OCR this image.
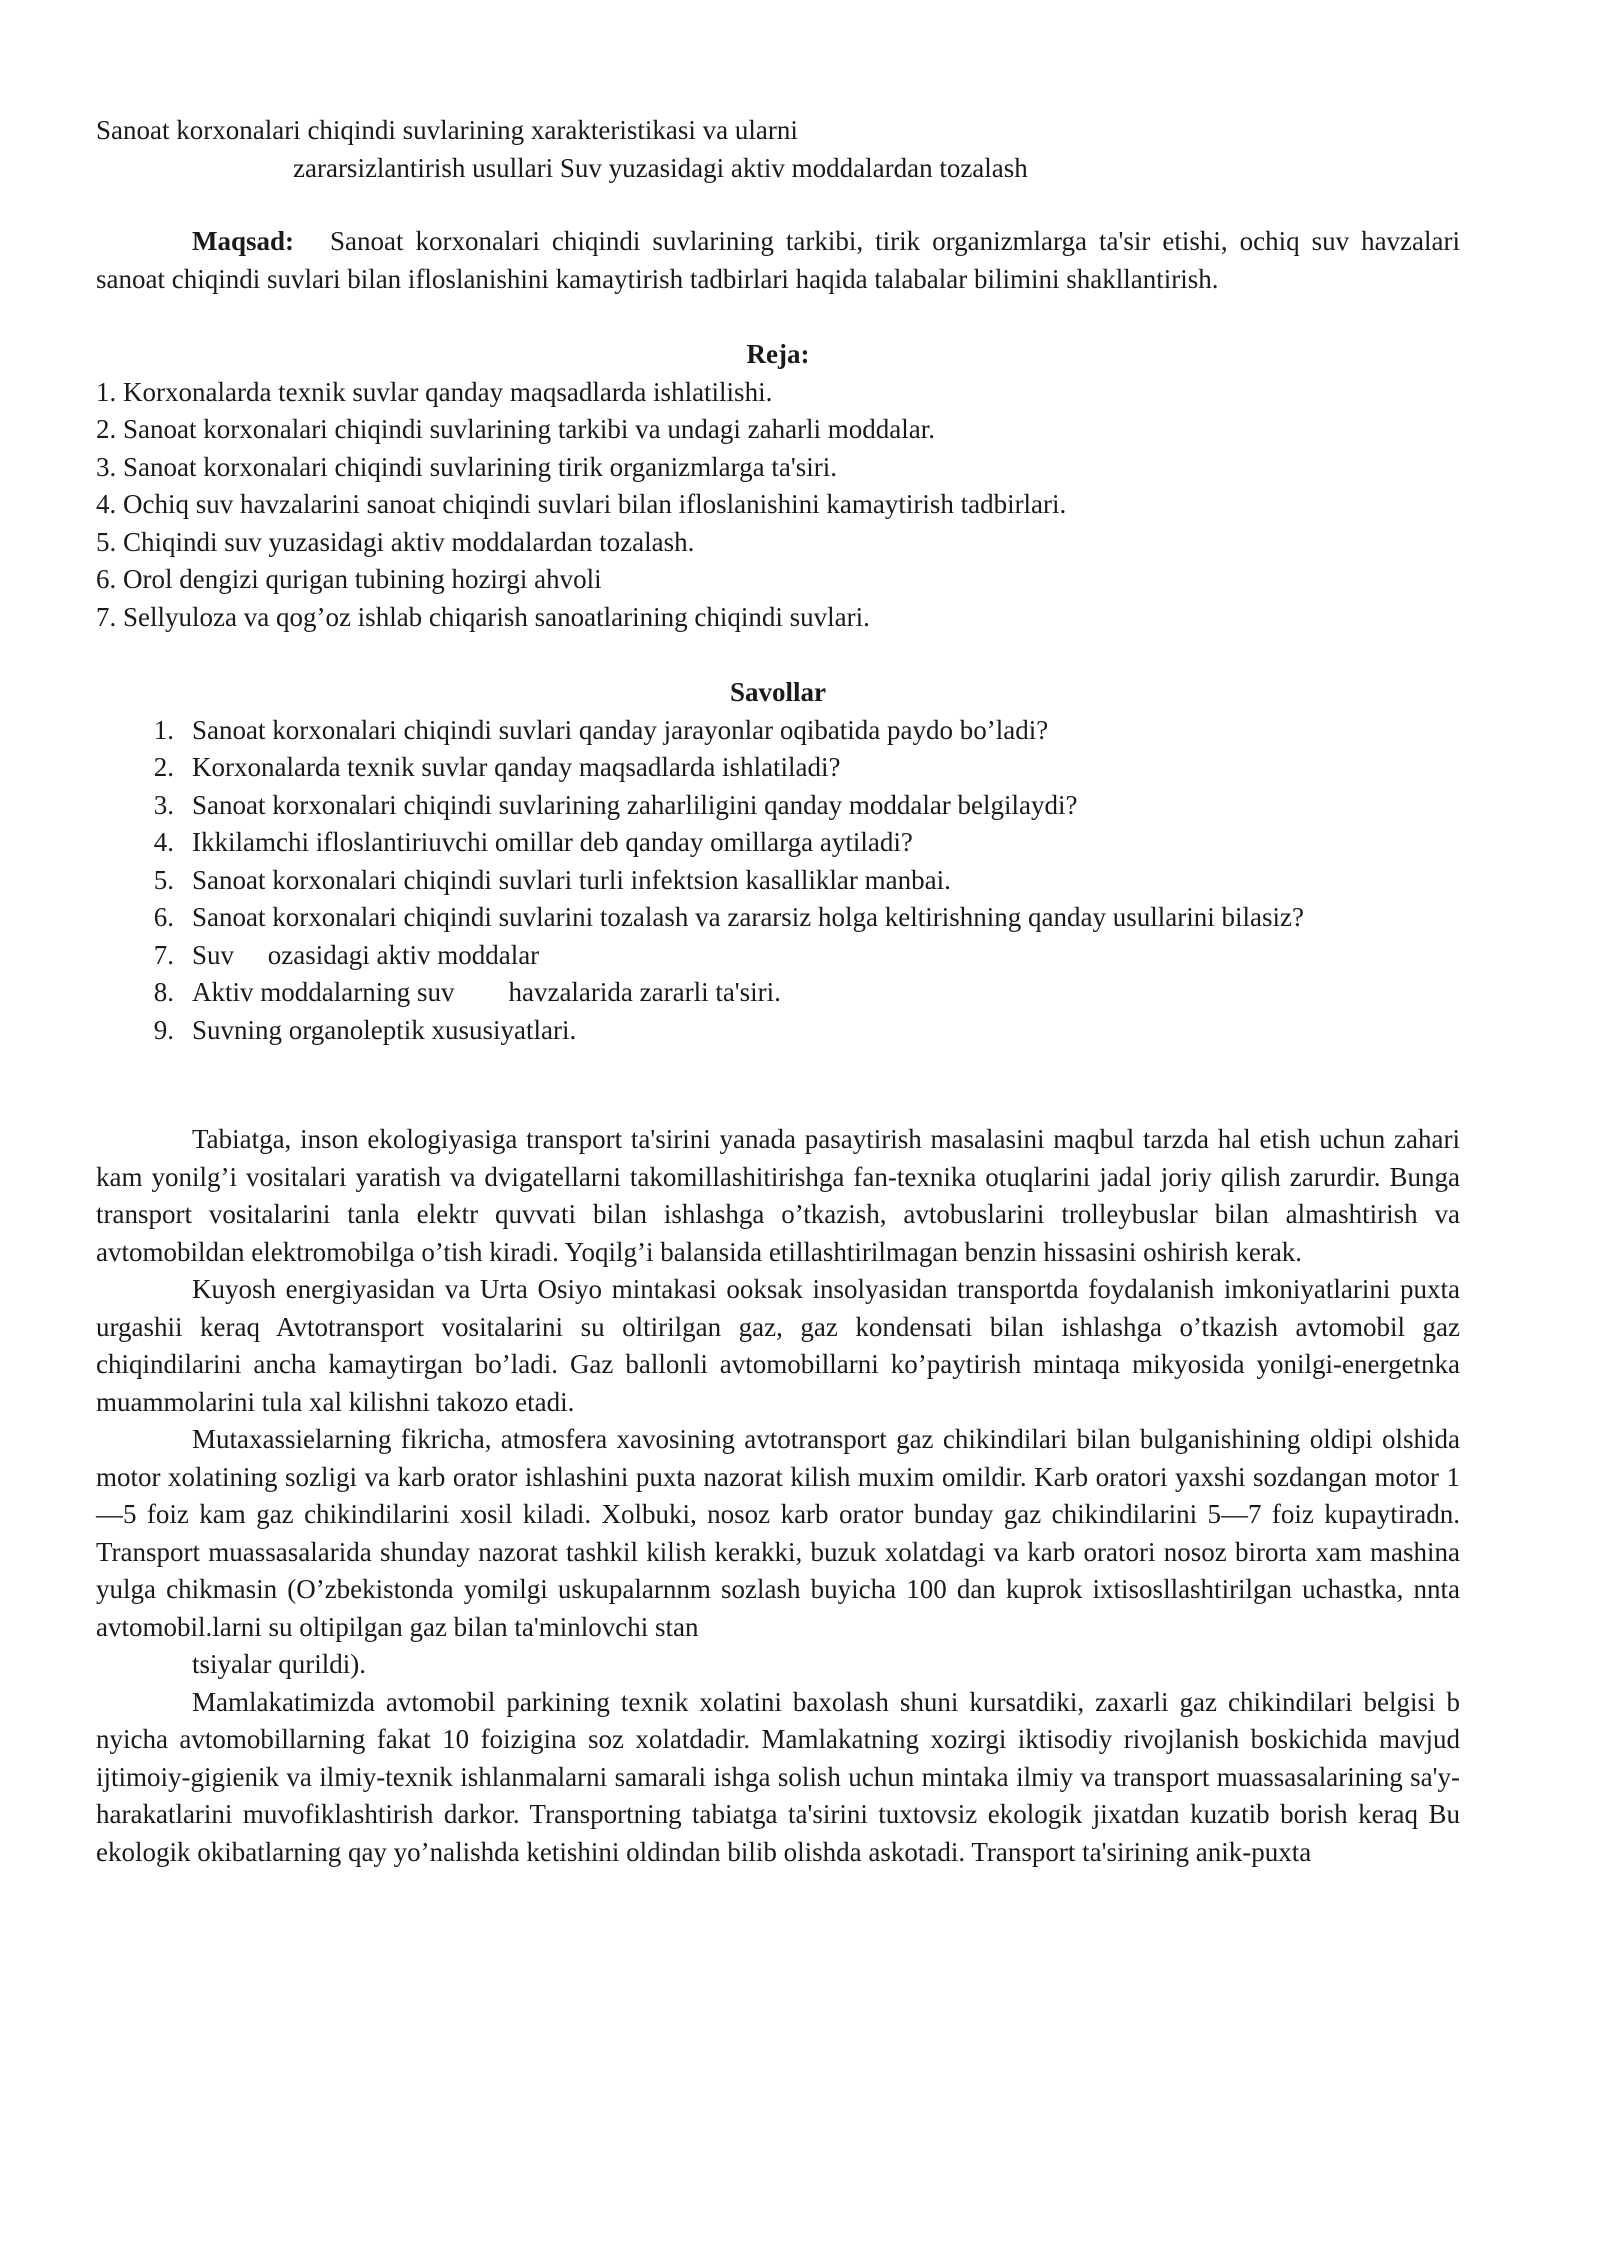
Sanoat korxonalari chiqindi suvlarining xarakteristikasi va ularni
zararsizlantirish usullari Suv yuzasidagi aktiv moddalardan tozalash
Maqsad: Sanoat korxonalari chiqindi suvlarining tarkibi, tirik organizmlarga ta'sir etishi, ochiq suv havzalari sanoat chiqindi suvlari bilan ifloslanishini kamaytirish tadbirlari haqida talabalar bilimini shakllantirish.
Reja:
1. Korxonalarda texnik suvlar qanday maqsadlarda ishlatilishi.
2. Sanoat korxonalari chiqindi suvlarining tarkibi va undagi zaharli moddalar.
3. Sanoat korxonalari chiqindi suvlarining tirik organizmlarga ta'siri.
4. Ochiq suv havzalarini sanoat chiqindi suvlari bilan ifloslanishini kamaytirish tadbirlari.
5. Chiqindi suv yuzasidagi aktiv moddalardan tozalash.
6. Orol dengizi qurigan tubining hozirgi ahvoli
7. Sellyuloza va qog’oz ishlab chiqarish sanoatlarining chiqindi suvlari.
Savollar
1. Sanoat korxonalari chiqindi suvlari qanday jarayonlar oqibatida paydo bo’ladi?
2. Korxonalarda texnik suvlar qanday maqsadlarda ishlatiladi?
3. Sanoat korxonalari chiqindi suvlarining zaharliligini qanday moddalar belgilaydi?
4. Ikkilamchi ifloslantiriuvchi omillar deb qanday omillarga aytiladi?
5. Sanoat korxonalari chiqindi suvlari turli infektsion kasalliklar manbai.
6. Sanoat korxonalari chiqindi suvlarini tozalash va zararsiz holga keltirishning qanday usullarini bilasiz?
7. Suv     ozasidagi aktiv moddalar
8. Aktiv moddalarning suv        havzalarida zararli ta'siri.
9. Suvning organoleptik xususiyatlari.

Tabiatga, inson ekologiyasiga transport ta'sirini yanada pasaytirish masalasini maqbul tarzda hal etish uchun zahari kam yonilg’i vositalari yaratish va dvigatellarni takomillashitirishga fan-texnika otuqlarini jadal joriy qilish zarurdir. Bunga transport vositalarini tanla elektr quvvati bilan ishlashga o’tkazish, avtobuslarini trolleybuslar bilan almashtirish va avtomobildan elektromobilga o’tish kiradi. Yoqilg’i balansida etillashtirilmagan benzin hissasini oshirish kerak.

Kuyosh energiyasidan va Urta Osiyo mintakasi ooksak insolyasidan transportda foydalanish imkoniyatlarini puxta urgashii keraq Avtotransport vositalarini su oltirilgan gaz, gaz kondensati bilan ishlashga o’tkazish avtomobil gaz chiqindilarini ancha kamaytirgan bo’ladi. Gaz ballonli avtomobillarni ko’paytirish mintaqa mikyosida yonilgi-energetnka muammolarini tula xal kilishni takozo etadi.

Mutaxassielarning fikricha, atmosfera xavosining avtotransport gaz chikindilari bilan bulganishining oldipi olshida motor xolatining sozligi va karb orator ishlashini puxta nazorat kilish muxim omildir. Karb oratori yaxshi sozdangan motor 1—5 foiz kam gaz chikindilarini xosil kiladi. Xolbuki, nosoz karb orator bunday gaz chikindilarini 5—7 foiz kupaytiradn. Transport muassasalarida shunday nazorat tashkil kilish kerakki, buzuk xolatdagi va karb oratori nosoz birorta xam mashina yulga chikmasin (O’zbekistonda yomilgi uskupalarnnm sozlash buyicha 100 dan kuprok ixtisosllashtirilgan uchastka, nnta avtomobil.larni su oltipilgan gaz bilan ta'minlovchi stan

tsiyalar qurildi).

Mamlakatimizda avtomobil parkining texnik xolatini baxolash shuni kursatdiki, zaxarli gaz chikindilari belgisi b nyicha avtomobillarning fakat 10 foizigina soz xolatdadir. Mamlakatning xozirgi iktisodiy rivojlanish boskichida mavjud ijtimoiy-gigienik va ilmiy-texnik ishlanmalarni samarali ishga solish uchun mintaka ilmiy va transport muassasalarining sa'y-harakatlarini muvofiklashtirish darkor. Transportning tabiatga ta'sirini tuxtovsiz ekologik jixatdan kuzatib borish keraq Bu ekologik okibatlarning qay yo’nalishda ketishini oldindan bilib olishda askotadi. Transport ta'sirining anik-puxta
